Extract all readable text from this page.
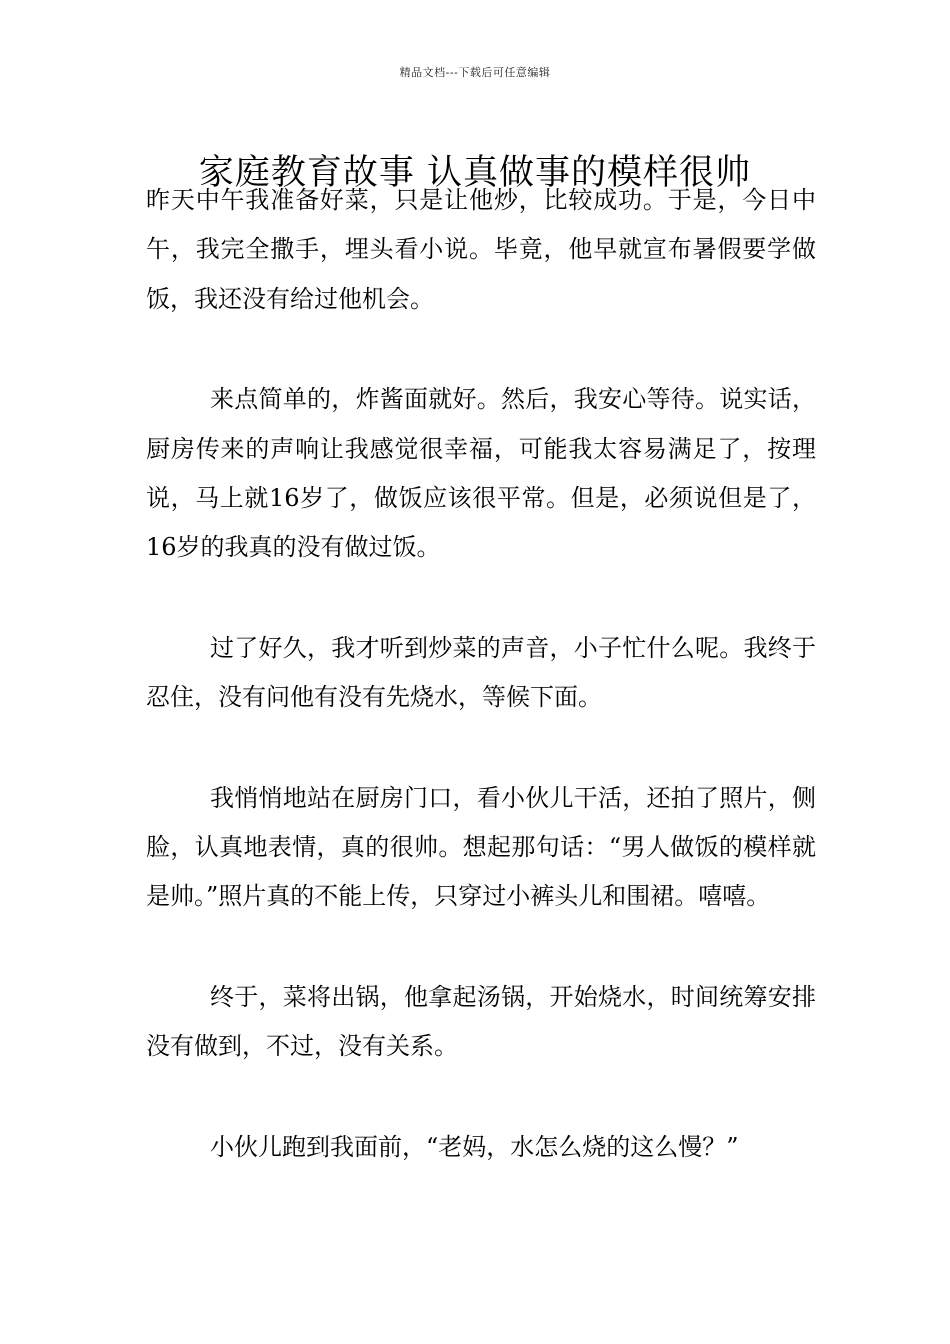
精品文档---下载后可任意编辑
家庭教育故事 认真做事的模样很帅

昨天中午我准备好菜，只是让他炒，比较成功。于是，今日中午，我完全撒手，埋头看小说。毕竟，他早就宣布暑假要学做饭，我还没有给过他机会。

来点简单的，炸酱面就好。然后，我安心等待。说实话，厨房传来的声响让我感觉很幸福，可能我太容易满足了，按理说，马上就16岁了，做饭应该很平常。但是，必须说但是了，16岁的我真的没有做过饭。

过了好久，我才听到炒菜的声音，小子忙什么呢。我终于忍住，没有问他有没有先烧水，等候下面。

我悄悄地站在厨房门口，看小伙儿干活，还拍了照片，侧脸，认真地表情，真的很帅。想起那句话：“男人做饭的模样就是帅。”照片真的不能上传，只穿过小裤头儿和围裙。嘻嘻。

终于，菜将出锅，他拿起汤锅，开始烧水，时间统筹安排没有做到，不过，没有关系。

小伙儿跑到我面前，“老妈，水怎么烧的这么慢？”
